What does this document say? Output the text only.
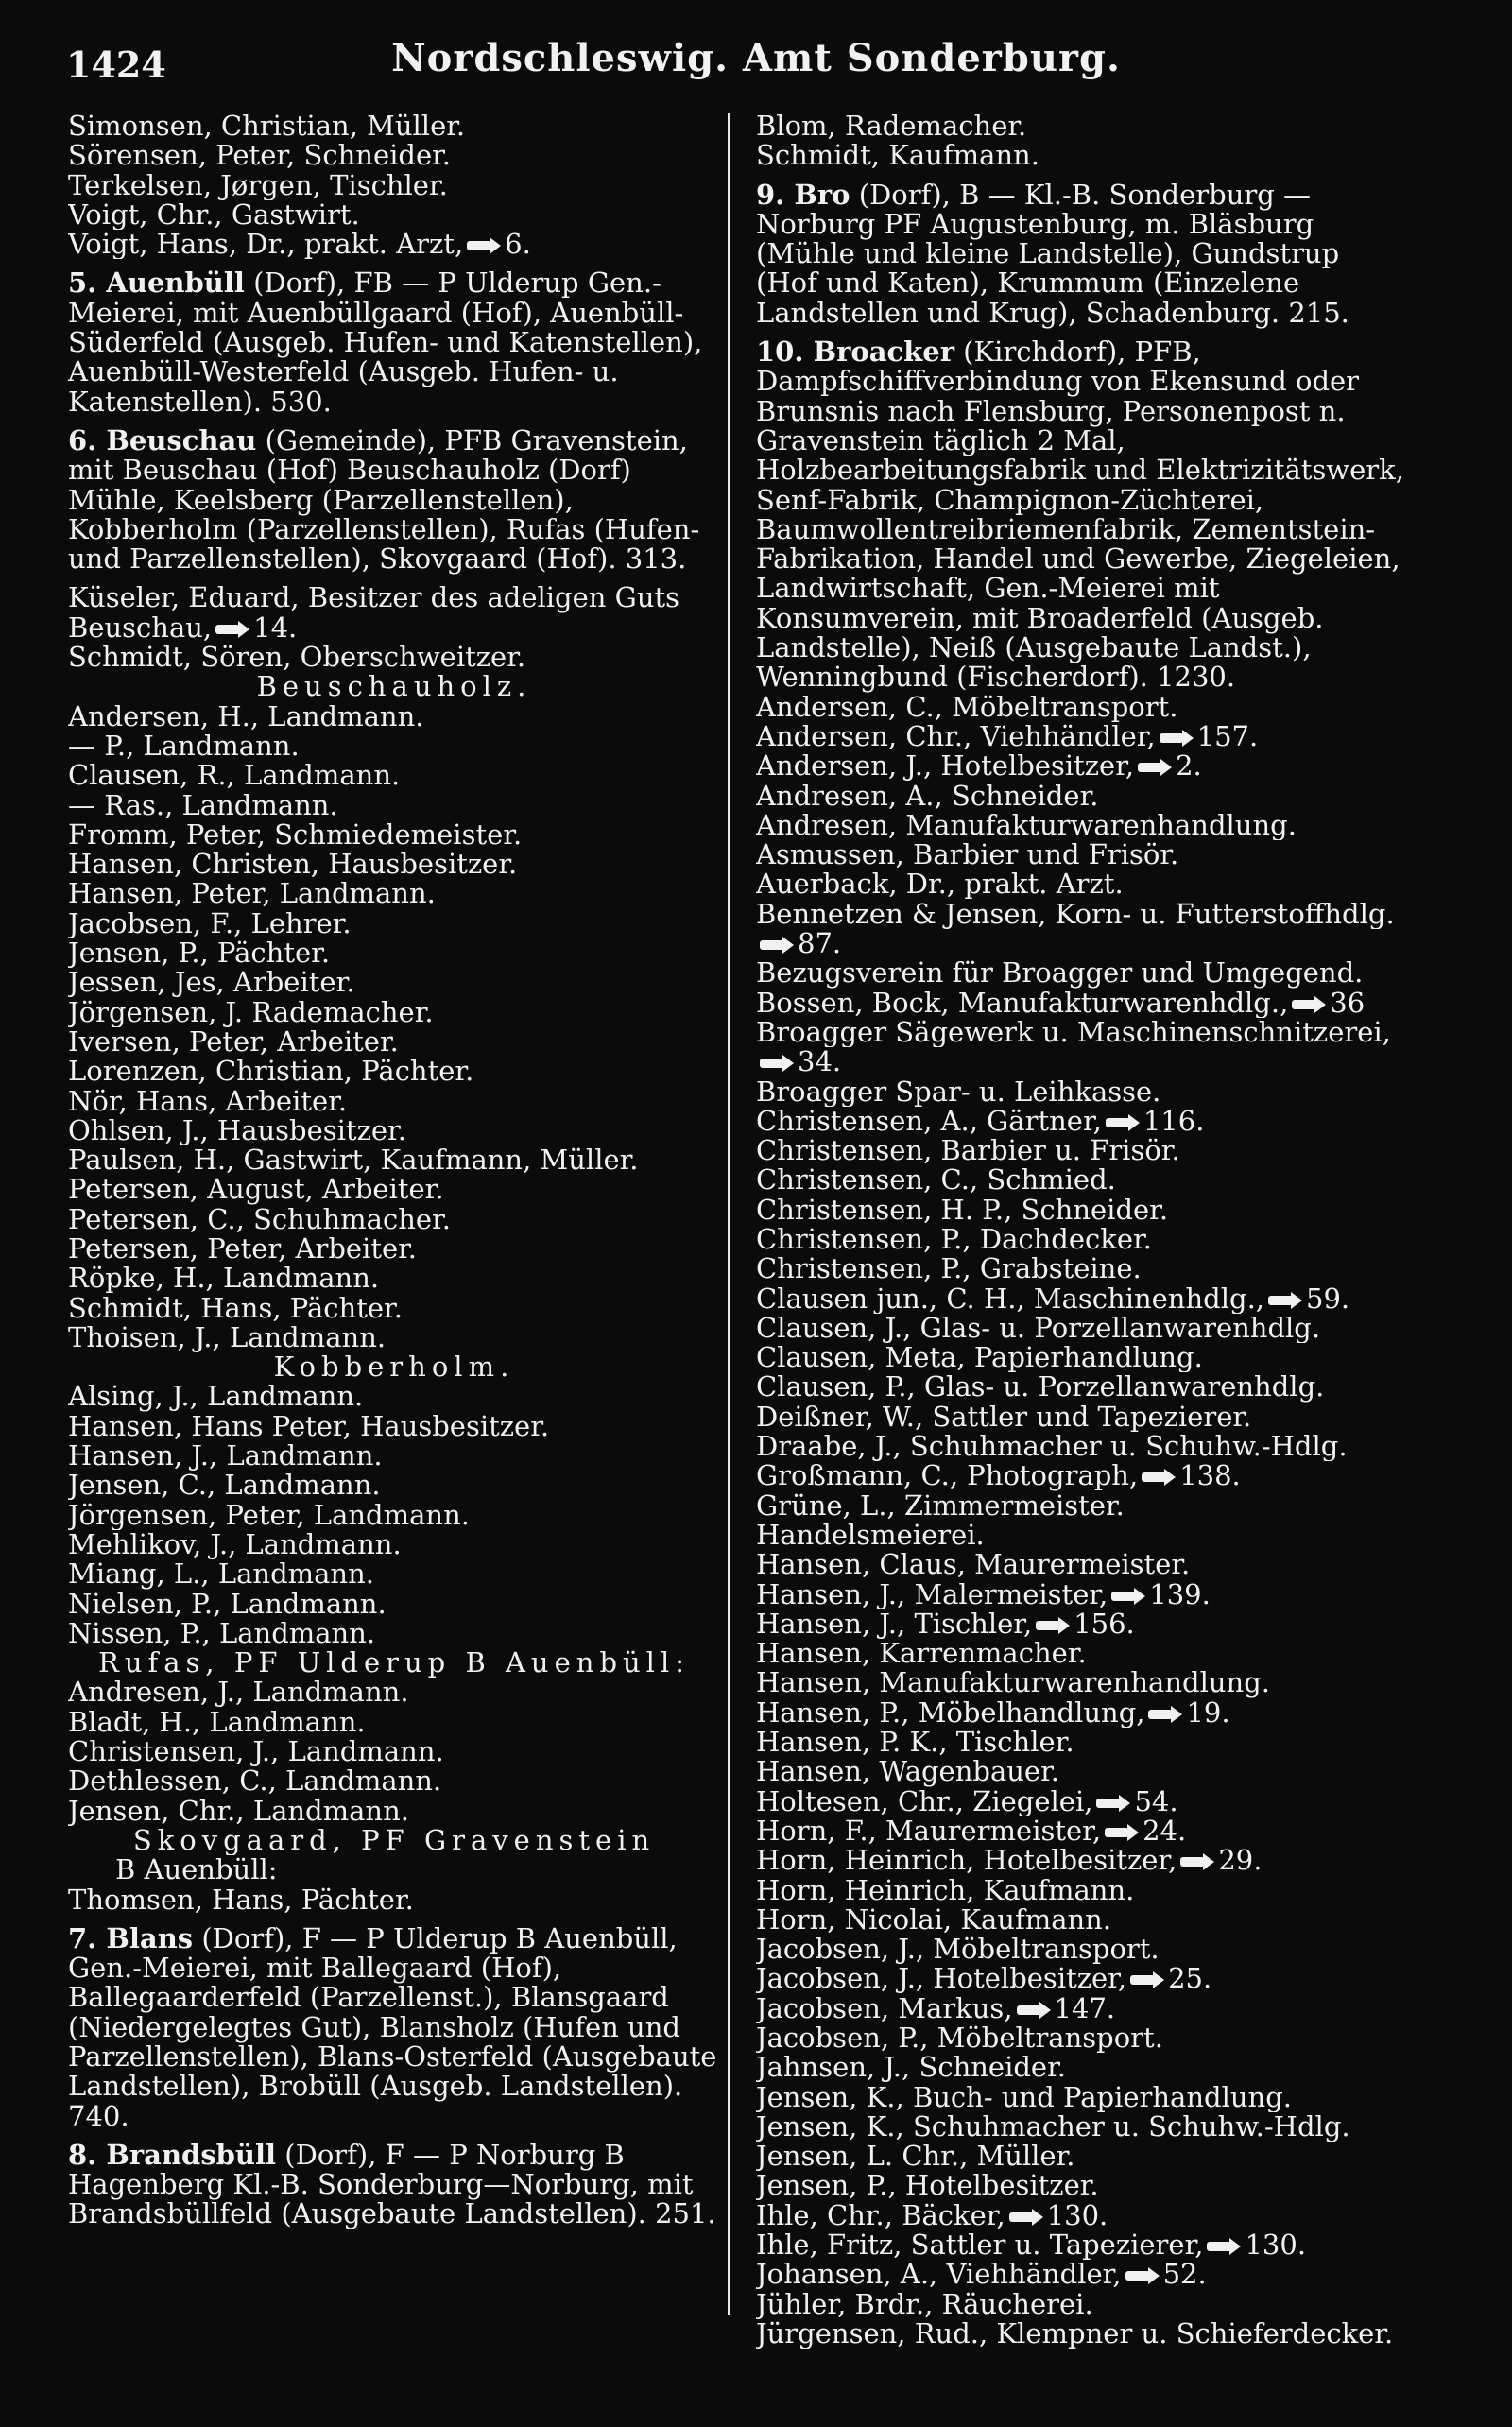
1424	Nordschleswig. Amt Sonderburg.
Simonsen, Christian, Müller.
Sörensen, Peter, Schneider.
Terkelsen, Jørgen, Tischler.
Voigt, Chr., Gastwirt.
Voigt, Hans, Dr., prakt. Arzt, 6.
5. Auenbüll (Dorf), FB — P Ulderup Gen.-Meierei, mit Auenbüllgaard (Hof), Auenbüll-Süderfeld (Ausgeb. Hufen- und Katenstellen), Auenbüll-Westerfeld (Ausgeb. Hufen- u. Katenstellen). 530.
6. Beuschau (Gemeinde), PFB Gravenstein, mit Beuschau (Hof) Beuschauholz (Dorf) Mühle, Keelsberg (Parzellenstellen), Kobberholm (Parzellenstellen), Rufas (Hufen- und Parzellenstellen), Skovgaard (Hof). 313.
Küseler, Eduard, Besitzer des adeligen Guts Beuschau, 14.
Schmidt, Sören, Oberschweitzer.
Beuschauholz.
Andersen, H., Landmann.
— P., Landmann.
Clausen, R., Landmann.
— Ras., Landmann.
Fromm, Peter, Schmiedemeister.
Hansen, Christen, Hausbesitzer.
Hansen, Peter, Landmann.
Jacobsen, F., Lehrer.
Jensen, P., Pächter.
Jessen, Jes, Arbeiter.
Jörgensen, J. Rademacher.
Iversen, Peter, Arbeiter.
Lorenzen, Christian, Pächter.
Nör, Hans, Arbeiter.
Ohlsen, J., Hausbesitzer.
Paulsen, H., Gastwirt, Kaufmann, Müller.
Petersen, August, Arbeiter.
Petersen, C., Schuhmacher.
Petersen, Peter, Arbeiter.
Röpke, H., Landmann.
Schmidt, Hans, Pächter.
Thoisen, J., Landmann.
Kobberholm.
Alsing, J., Landmann.
Hansen, Hans Peter, Hausbesitzer.
Hansen, J., Landmann.
Jensen, C., Landmann.
Jörgensen, Peter, Landmann.
Mehlikov, J., Landmann.
Miang, L., Landmann.
Nielsen, P., Landmann.
Nissen, P., Landmann.
Rufas, PF Ulderup B Auenbüll:
Andresen, J., Landmann.
Bladt, H., Landmann.
Christensen, J., Landmann.
Dethlessen, C., Landmann.
Jensen, Chr., Landmann.
Skovgaard, PF Gravenstein
B Auenbüll:
Thomsen, Hans, Pächter.
7. Blans (Dorf), F — P Ulderup B Auenbüll, Gen.-Meierei, mit Ballegaard (Hof), Ballegaarderfeld (Parzellenst.), Blansgaard (Niedergelegtes Gut), Blansholz (Hufen und Parzellenstellen), Blans-Osterfeld (Ausgebaute Landstellen), Brobüll (Ausgeb. Landstellen). 740.
8. Brandsbüll (Dorf), F — P Norburg B Hagenberg Kl.-B. Sonderburg—Norburg, mit Brandsbüllfeld (Ausgebaute Landstellen). 251.
Blom, Rademacher.
Schmidt, Kaufmann.
9. Bro (Dorf), B — Kl.-B. Sonderburg —Norburg PF Augustenburg, m. Bläsburg (Mühle und kleine Landstelle), Gundstrup (Hof und Katen), Krummum (Einzelene Landstellen und Krug), Schadenburg. 215.
10. Broacker (Kirchdorf), PFB, Dampfschiffverbindung von Ekensund oder Brunsnis nach Flensburg, Personenpost n. Gravenstein täglich 2 Mal, Holzbearbeitungsfabrik und Elektrizitätswerk, Senf-Fabrik, Champignon-Züchterei, Baumwollentreibriemenfabrik, Zementstein-Fabrikation, Handel und Gewerbe, Ziegeleien, Landwirtschaft, Gen.-Meierei mit Konsumverein, mit Broaderfeld (Ausgeb. Landstelle), Neiß (Ausgebaute Landst.), Wenningbund (Fischerdorf). 1230.
Andersen, C., Möbeltransport.
Andersen, Chr., Viehhändler, 157.
Andersen, J., Hotelbesitzer, 2.
Andresen, A., Schneider.
Andresen, Manufakturwarenhandlung.
Asmussen, Barbier und Frisör.
Auerback, Dr., prakt. Arzt.
Bennetzen & Jensen, Korn- u. Futterstoffhdlg.
87.
Bezugsverein für Broagger und Umgegend.
Bossen, Bock, Manufakturwarenhdlg., 36
Broagger Sägewerk u. Maschinenschnitzerei,
34.
Broagger Spar- u. Leihkasse.
Christensen, A., Gärtner, 116.
Christensen, Barbier u. Frisör.
Christensen, C., Schmied.
Christensen, H. P., Schneider.
Christensen, P., Dachdecker.
Christensen, P., Grabsteine.
Clausen jun., C. H., Maschinenhdlg., 59.
Clausen, J., Glas- u. Porzellanwarenhdlg.
Clausen, Meta, Papierhandlung.
Clausen, P., Glas- u. Porzellanwarenhdlg.
Deißner, W., Sattler und Tapezierer.
Draabe, J., Schuhmacher u. Schuhw.-Hdlg.
Großmann, C., Photograph, 138.
Grüne, L., Zimmermeister.
Handelsmeierei.
Hansen, Claus, Maurermeister.
Hansen, J., Malermeister, 139.
Hansen, J., Tischler, 156.
Hansen, Karrenmacher.
Hansen, Manufakturwarenhandlung.
Hansen, P., Möbelhandlung, 19.
Hansen, P. K., Tischler.
Hansen, Wagenbauer.
Holtesen, Chr., Ziegelei, 54.
Horn, F., Maurermeister, 24.
Horn, Heinrich, Hotelbesitzer, 29.
Horn, Heinrich, Kaufmann.
Horn, Nicolai, Kaufmann.
Jacobsen, J., Möbeltransport.
Jacobsen, J., Hotelbesitzer, 25.
Jacobsen, Markus, 147.
Jacobsen, P., Möbeltransport.
Jahnsen, J., Schneider.
Jensen, K., Buch- und Papierhandlung.
Jensen, K., Schuhmacher u. Schuhw.-Hdlg.
Jensen, L. Chr., Müller.
Jensen, P., Hotelbesitzer.
Ihle, Chr., Bäcker, 130.
Ihle, Fritz, Sattler u. Tapezierer, 130.
Johansen, A., Viehhändler, 52.
Jühler, Brdr., Räucherei.
Jürgensen, Rud., Klempner u. Schieferdecker.
